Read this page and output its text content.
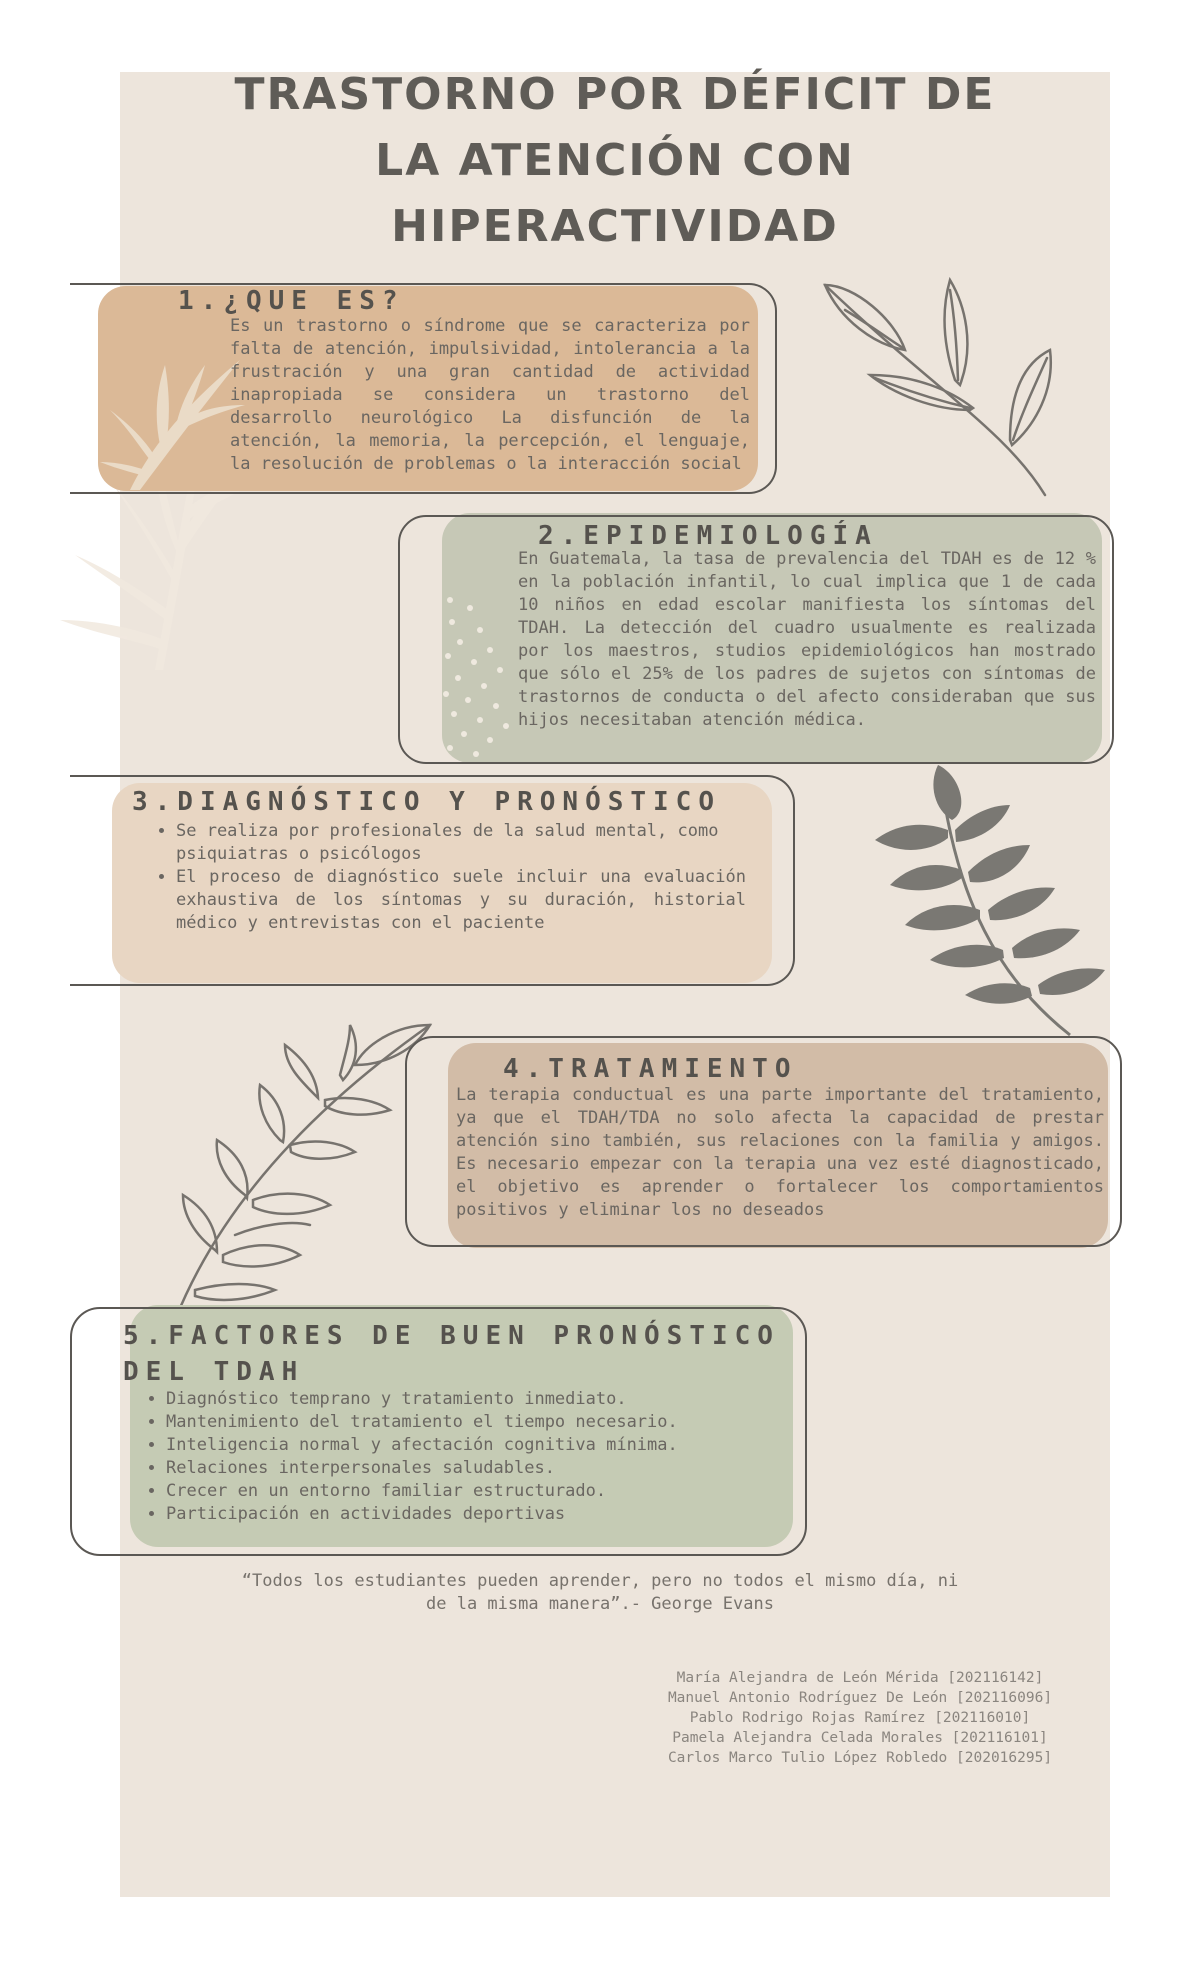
1.¿QUE ES?
Es un trastorno o síndrome que se caracteriza por falta de atención, impulsividad, intolerancia a la frustración y una gran cantidad de actividad inapropiada se considera un trastorno del desarrollo neurológico La disfunción de la atención, la memoria, la percepción, el lenguaje, la resolución de problemas o la interacción social
2.EPIDEMIOLOGÍA
En Guatemala, la tasa de prevalencia del TDAH es de 12 % en la población infantil, lo cual implica que 1 de cada 10 niños en edad escolar manifiesta los síntomas del TDAH. La detección del cuadro usualmente es realizada por los maestros, studios epidemiológicos han mostrado que sólo el 25% de los padres de sujetos con síntomas de trastornos de conducta o del afecto consideraban que sus hijos necesitaban atención médica.
3.DIAGNÓSTICO Y PRONÓSTICO
• Se realiza por profesionales de la salud mental, como psiquiatras o psicólogos
• El proceso de diagnóstico suele incluir una evaluación exhaustiva de los síntomas y su duración, historial médico y entrevistas con el paciente
4.TRATAMIENTO
La terapia conductual es una parte importante del tratamiento, ya que el TDAH/TDA no solo afecta la capacidad de prestar atención sino también, sus relaciones con la familia y amigos. Es necesario empezar con la terapia una vez esté diagnosticado, el objetivo es aprender o fortalecer los comportamientos positivos y eliminar los no deseados
5.FACTORES DE BUEN PRONÓSTICO
DEL TDAH
• Diagnóstico temprano y tratamiento inmediato.
• Mantenimiento del tratamiento el tiempo necesario.
• Inteligencia normal y afectación cognitiva mínima.
• Relaciones interpersonales saludables.
• Crecer en un entorno familiar estructurado.
• Participación en actividades deportivas
TRASTORNO POR DÉFICIT DE
LA ATENCIÓN CON
HIPERACTIVIDAD
“Todos los estudiantes pueden aprender, pero no todos el mismo día, ni de la misma manera”.- George Evans
María Alejandra de León Mérida [202116142]
Manuel Antonio Rodríguez De León [202116096]
Pablo Rodrigo Rojas Ramírez [202116010]
Pamela Alejandra Celada Morales [202116101]
Carlos Marco Tulio López Robledo [202016295]
